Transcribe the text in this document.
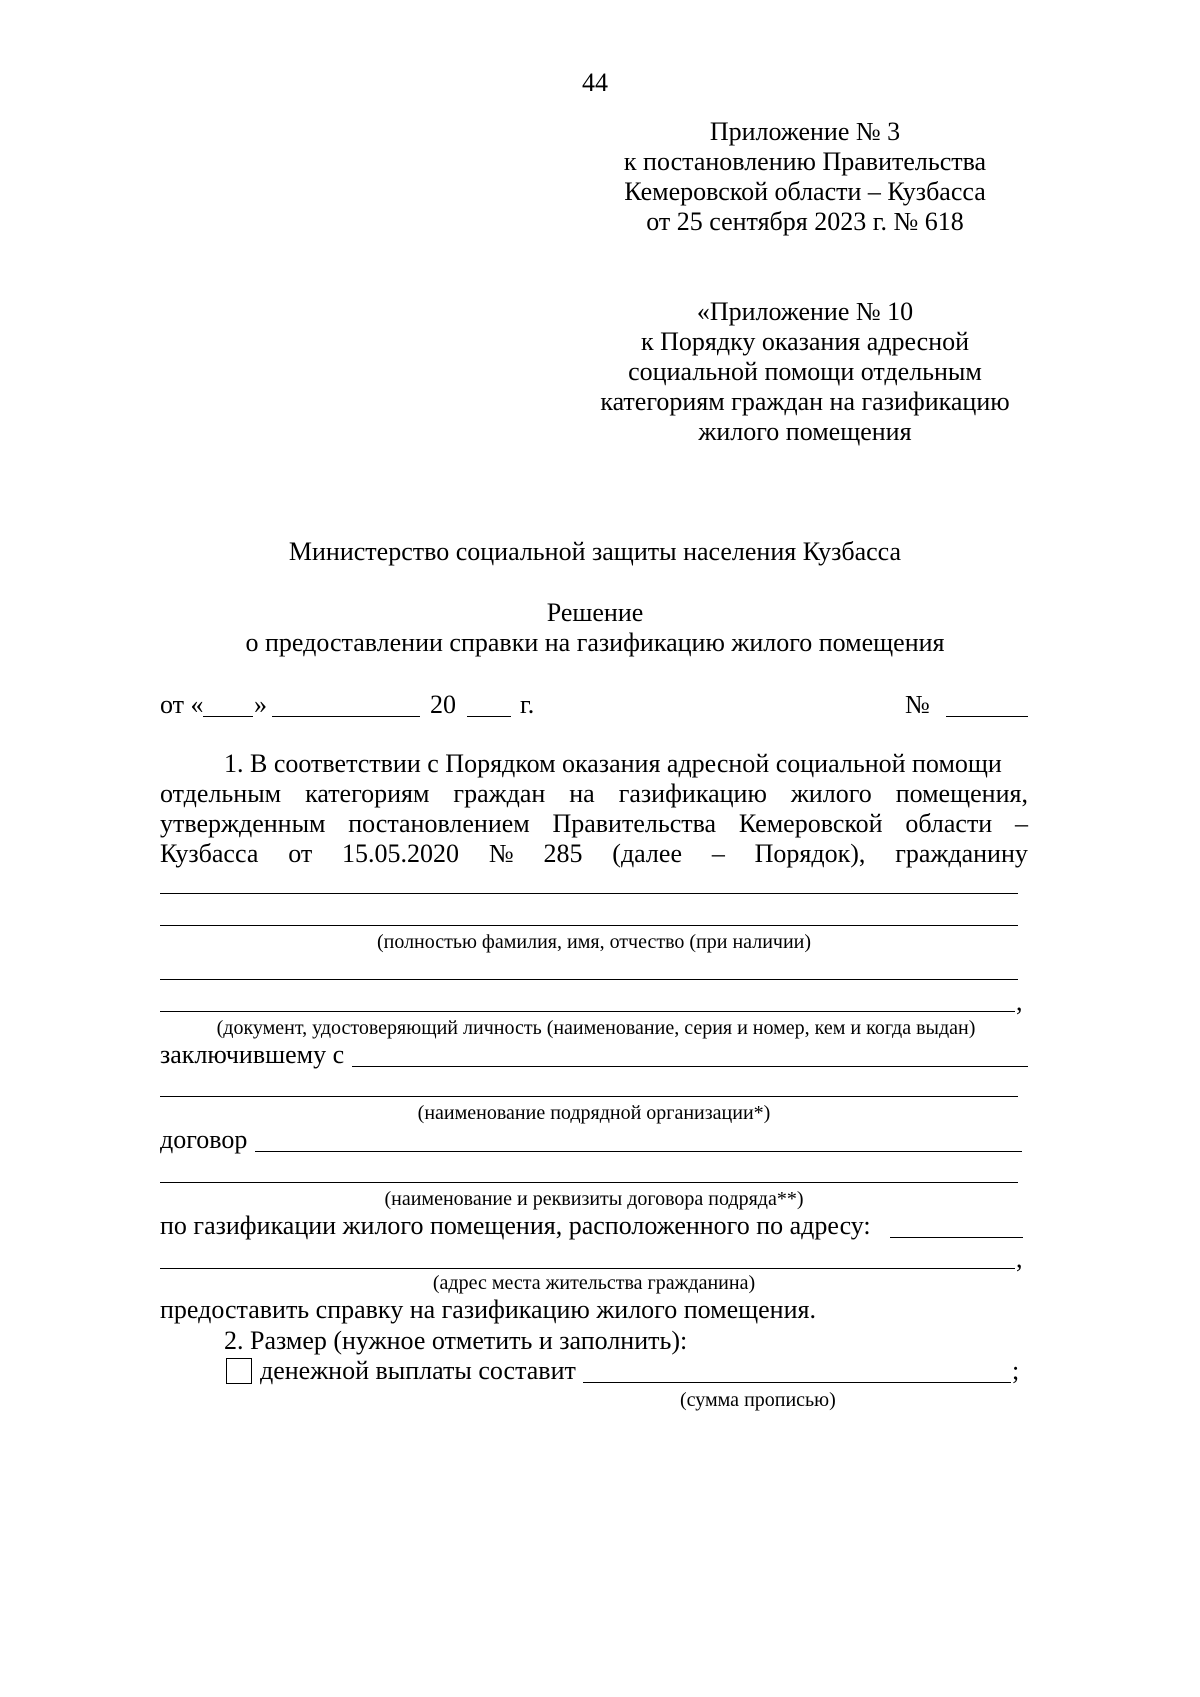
44
Приложение № 3
к постановлению Правительства
Кемеровской области – Кузбасса
от 25 сентября 2023 г. № 618
«Приложение № 10
к Порядку оказания адресной
социальной помощи отдельным
категориям граждан на газификацию
жилого помещения
Министерство социальной защиты населения Кузбасса
Решение
о предоставлении справки на газификацию жилого помещения
от « »	20 г.	№
1. В соответствии с Порядком оказания адресной социальной помощи
отдельным категориям граждан на газификацию жилого помещения,
утвержденным постановлением Правительства Кемеровской области –
Кузбасса от 15.05.2020 № 285 (далее – Порядок), гражданину
(полностью фамилия, имя, отчество (при наличии)
,
(документ, удостоверяющий личность (наименование, серия и номер, кем и когда выдан)
заключившему с
(наименование подрядной организации*)
договор
(наименование и реквизиты договора подряда**)
по газификации жилого помещения, расположенного по адресу:
,
(адрес места жительства гражданина)
предоставить справку на газификацию жилого помещения.
2. Размер (нужное отметить и заполнить):
денежной выплаты составит	;
(сумма прописью)
